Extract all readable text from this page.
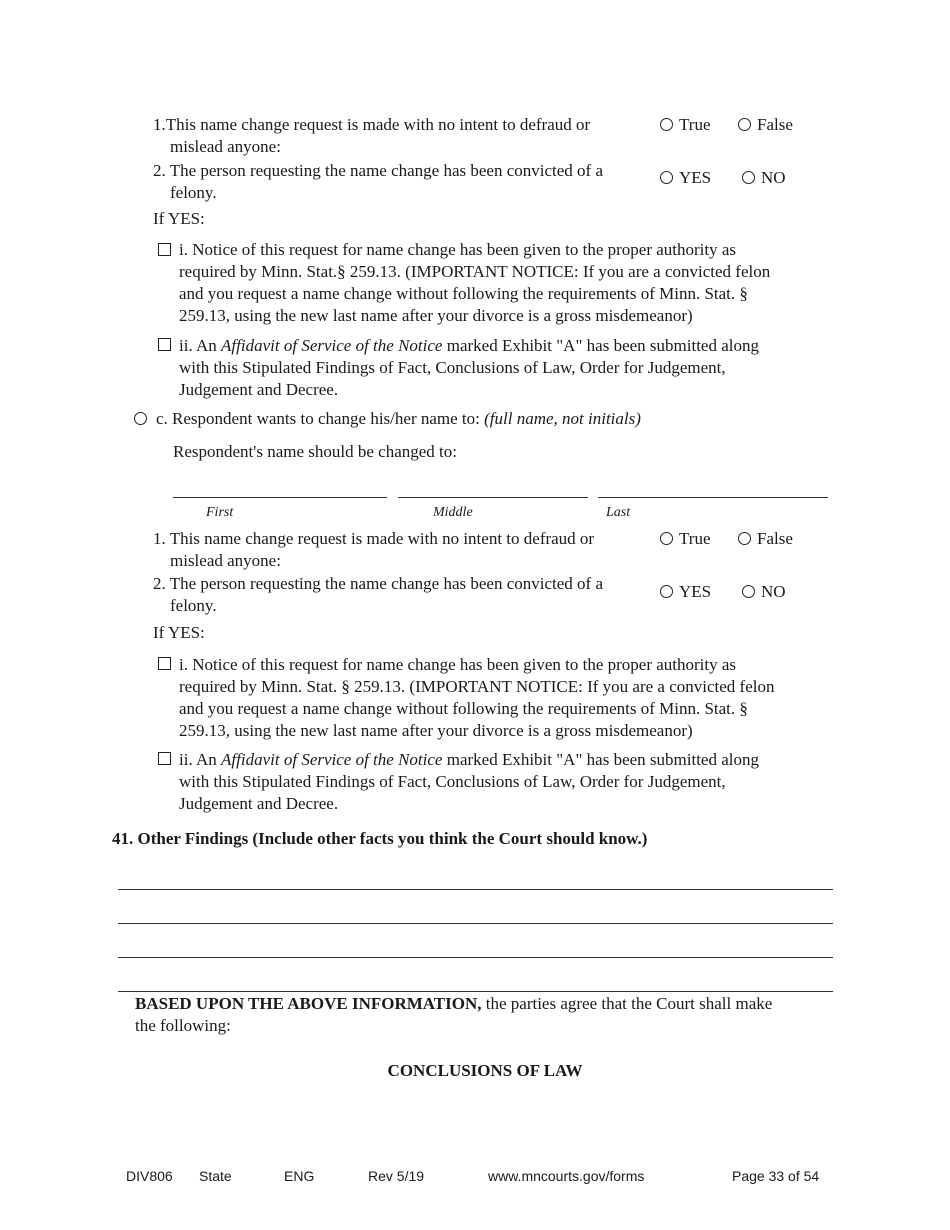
1.This name change request is made with no intent to defraud or
mislead anyone:
True	False
2. The person requesting the name change has been convicted of a
felony.
YES	NO
If YES:
i. Notice of this request for name change has been given to the proper authority as
required by Minn. Stat.§ 259.13. (IMPORTANT NOTICE: If you are a convicted felon
and you request a name change without following the requirements of Minn. Stat. §
259.13, using the new last name after your divorce is a gross misdemeanor)
ii. An Affidavit of Service of the Notice marked Exhibit "A" has been submitted along
with this Stipulated Findings of Fact, Conclusions of Law, Order for Judgement,
Judgement and Decree.
c. Respondent wants to change his/her name to: (full name, not initials)
Respondent's name should be changed to:
First	Middle	Last
1. This name change request is made with no intent to defraud or
mislead anyone:
True	False
2. The person requesting the name change has been convicted of a
felony.
YES	NO
If YES:
i. Notice of this request for name change has been given to the proper authority as
required by Minn. Stat. § 259.13. (IMPORTANT NOTICE: If you are a convicted felon
and you request a name change without following the requirements of Minn. Stat. §
259.13, using the new last name after your divorce is a gross misdemeanor)
ii. An Affidavit of Service of the Notice marked Exhibit "A" has been submitted along
with this Stipulated Findings of Fact, Conclusions of Law, Order for Judgement,
Judgement and Decree.
41. Other Findings (Include other facts you think the Court should know.)
BASED UPON THE ABOVE INFORMATION, the parties agree that the Court shall make
the following:
CONCLUSIONS OF LAW
DIV806 State	ENG	Rev 5/19	www.mncourts.gov/forms	Page 33 of 54
